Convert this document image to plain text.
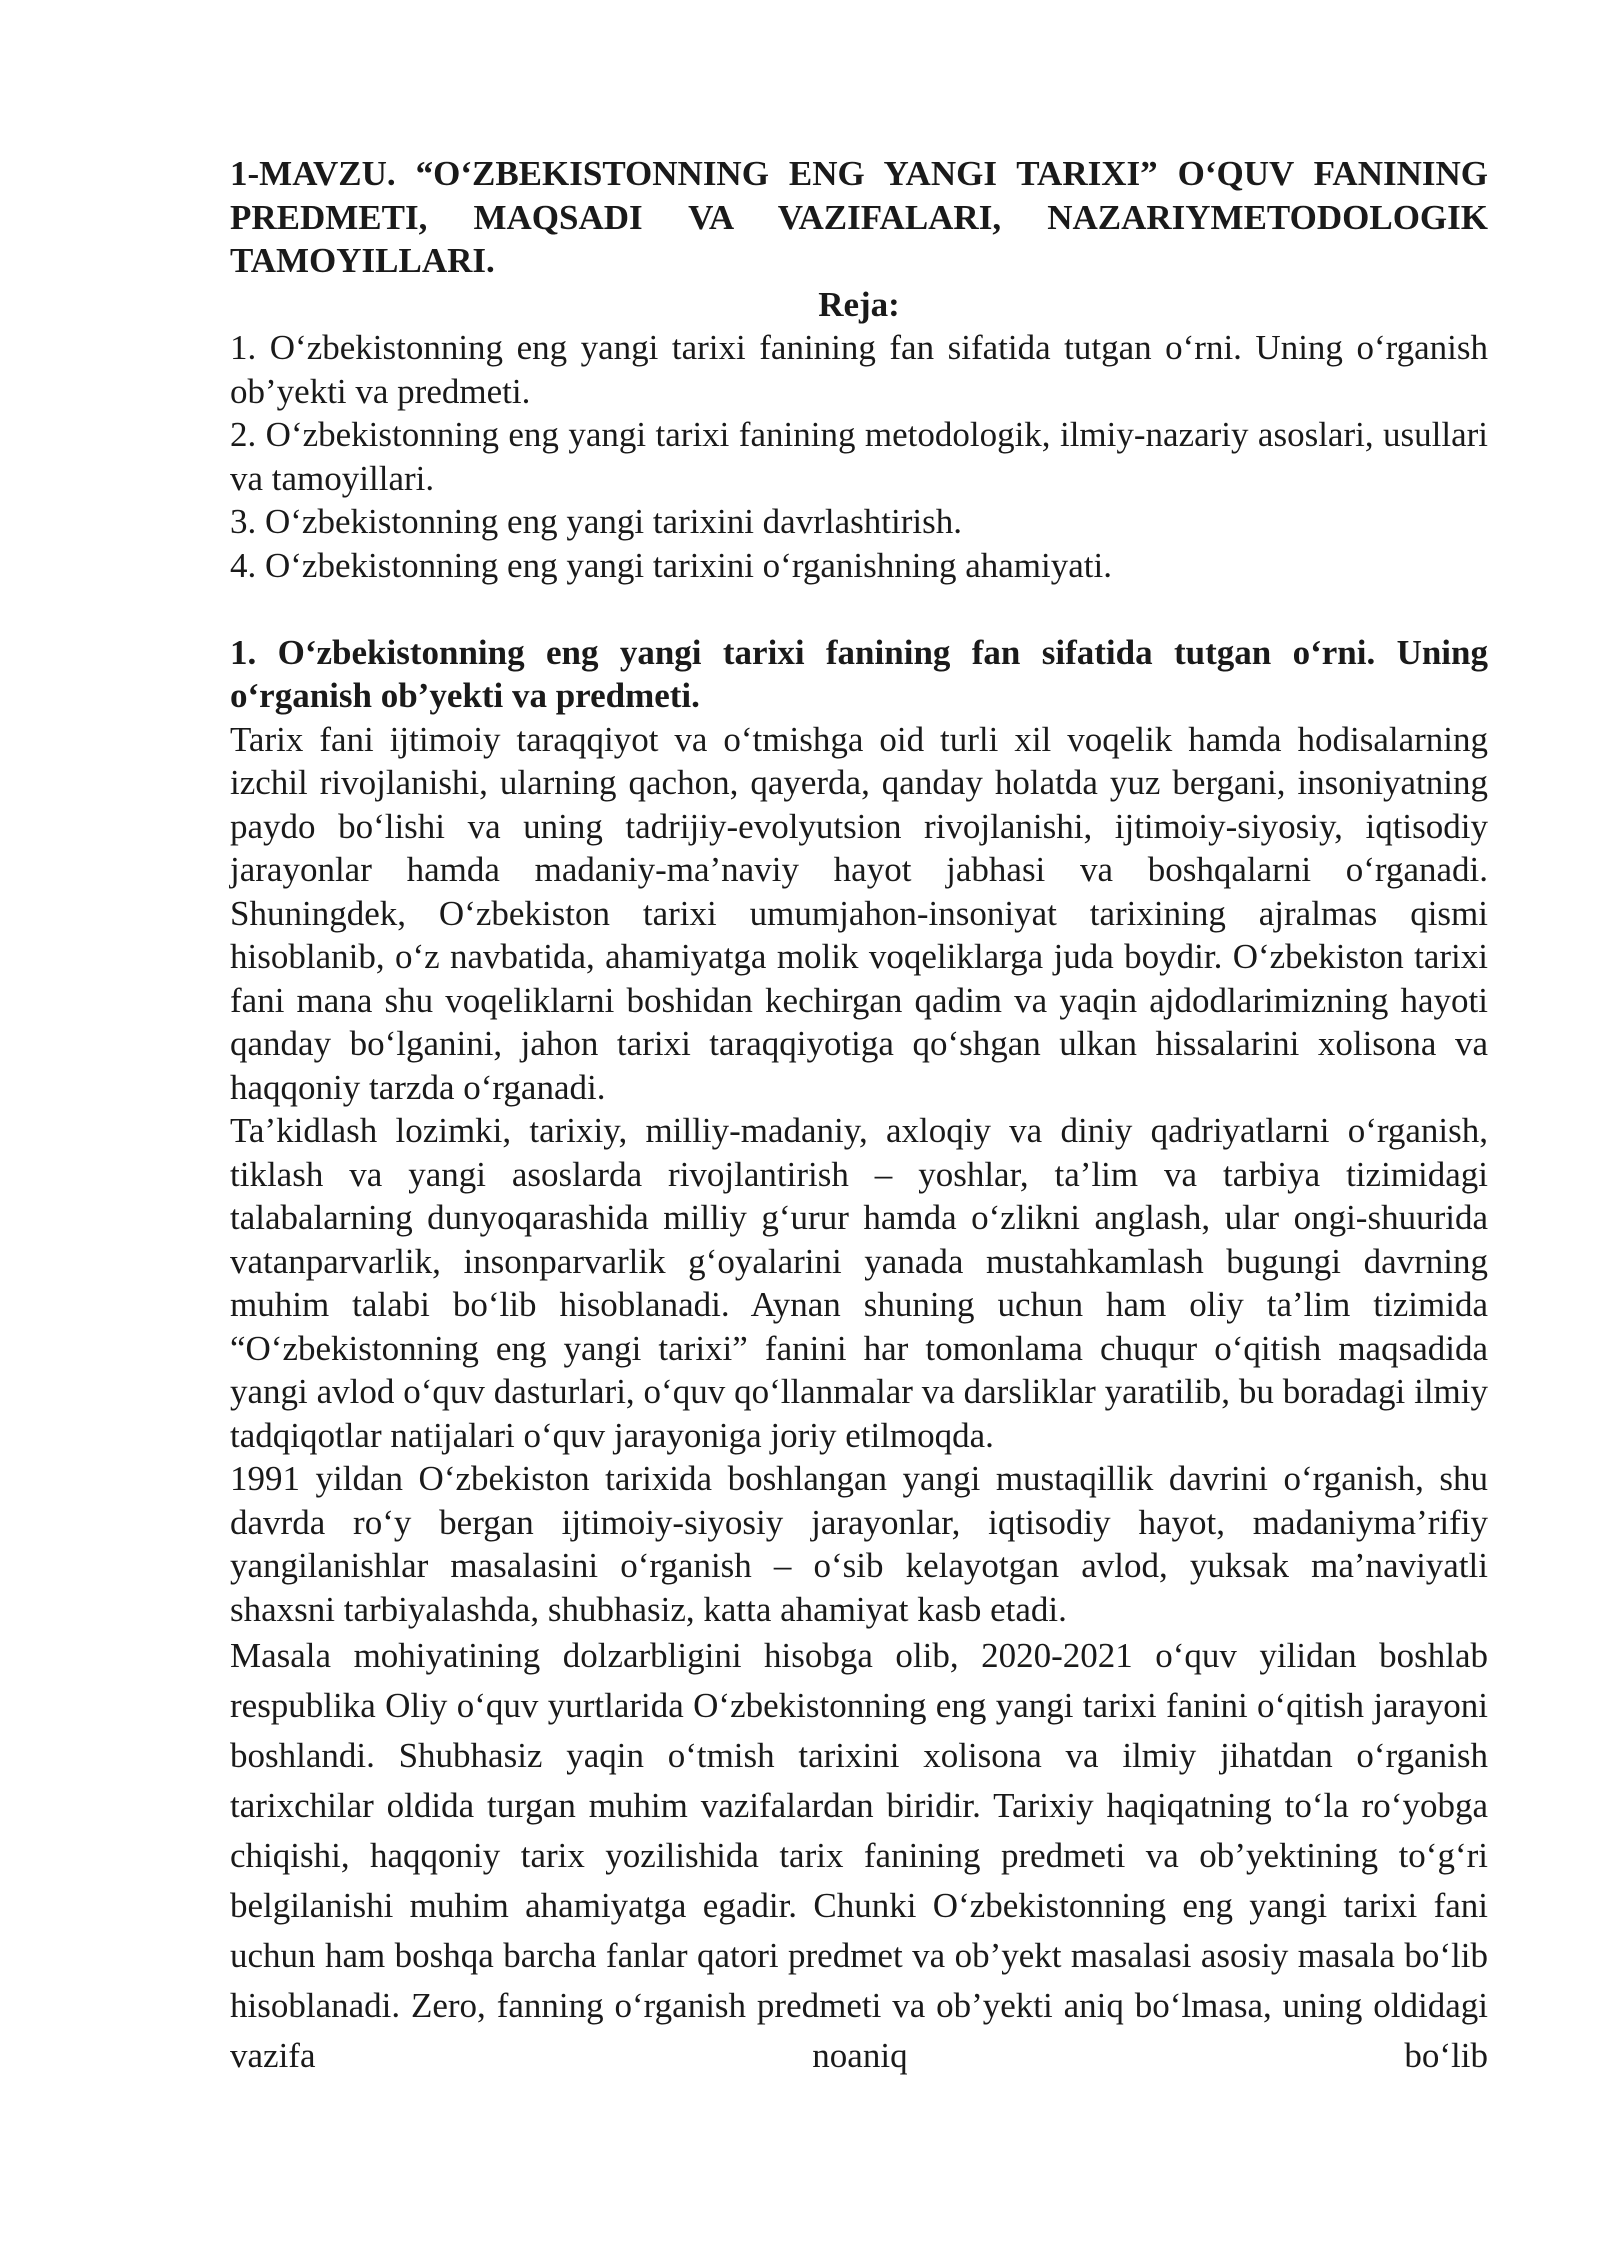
1-MAVZU. “O‘ZBEKISTONNING ENG YANGI TARIXI” O‘QUV FANINING PREDMETI, MAQSADI VA VAZIFALARI, NAZARIYMETODOLOGIK TAMOYILLARI.

Reja:

1. O‘zbekistonning eng yangi tarixi fanining fan sifatida tutgan o‘rni. Uning o‘rganish ob’yekti va predmeti.

2. O‘zbekistonning eng yangi tarixi fanining metodologik, ilmiy-nazariy asoslari, usullari va tamoyillari.

3. O‘zbekistonning eng yangi tarixini davrlashtirish.

4. O‘zbekistonning eng yangi tarixini o‘rganishning ahamiyati.

1. O‘zbekistonning eng yangi tarixi fanining fan sifatida tutgan o‘rni. Uning o‘rganish ob’yekti va predmeti.

Tarix fani ijtimoiy taraqqiyot va o‘tmishga oid turli xil voqelik hamda hodisalarning izchil rivojlanishi, ularning qachon, qayerda, qanday holatda yuz bergani, insoniyatning paydo bo‘lishi va uning tadrijiy-evolyutsion rivojlanishi, ijtimoiy-siyosiy, iqtisodiy jarayonlar hamda madaniy-ma’naviy hayot jabhasi va boshqalarni o‘rganadi. Shuningdek, O‘zbekiston tarixi umumjahon-insoniyat tarixining ajralmas qismi hisoblanib, o‘z navbatida, ahamiyatga molik voqeliklarga juda boydir. O‘zbekiston tarixi fani mana shu voqeliklarni boshidan kechirgan qadim va yaqin ajdodlarimizning hayoti qanday bo‘lganini, jahon tarixi taraqqiyotiga qo‘shgan ulkan hissalarini xolisona va haqqoniy tarzda o‘rganadi.

Ta’kidlash lozimki, tarixiy, milliy-madaniy, axloqiy va diniy qadriyatlarni o‘rganish, tiklash va yangi asoslarda rivojlantirish – yoshlar, ta’lim va tarbiya tizimidagi talabalarning dunyoqarashida milliy g‘urur hamda o‘zlikni anglash, ular ongi-shuurida vatanparvarlik, insonparvarlik g‘oyalarini yanada mustahkamlash bugungi davrning muhim talabi bo‘lib hisoblanadi. Aynan shuning uchun ham oliy ta’lim tizimida “O‘zbekistonning eng yangi tarixi” fanini har tomonlama chuqur o‘qitish maqsadida yangi avlod o‘quv dasturlari, o‘quv qo‘llanmalar va darsliklar yaratilib, bu boradagi ilmiy tadqiqotlar natijalari o‘quv jarayoniga joriy etilmoqda.

1991 yildan O‘zbekiston tarixida boshlangan yangi mustaqillik davrini o‘rganish, shu davrda ro‘y bergan ijtimoiy-siyosiy jarayonlar, iqtisodiy hayot, madaniyma’rifiy yangilanishlar masalasini o‘rganish – o‘sib kelayotgan avlod, yuksak ma’naviyatli shaxsni tarbiyalashda, shubhasiz, katta ahamiyat kasb etadi.

Masala mohiyatining dolzarbligini hisobga olib, 2020-2021 o‘quv yilidan boshlab respublika Oliy o‘quv yurtlarida O‘zbekistonning eng yangi tarixi fanini o‘qitish jarayoni boshlandi. Shubhasiz yaqin o‘tmish tarixini xolisona va ilmiy jihatdan o‘rganish tarixchilar oldida turgan muhim vazifalardan biridir. Tarixiy haqiqatning to‘la ro‘yobga chiqishi, haqqoniy tarix yozilishida tarix fanining predmeti va ob’yektining to‘g‘ri belgilanishi muhim ahamiyatga egadir. Chunki O‘zbekistonning eng yangi tarixi fani uchun ham boshqa barcha fanlar qatori predmet va ob’yekt masalasi asosiy masala bo‘lib hisoblanadi. Zero, fanning o‘rganish predmeti va ob’yekti aniq bo‘lmasa, uning oldidagi vazifa noaniq bo‘lib
